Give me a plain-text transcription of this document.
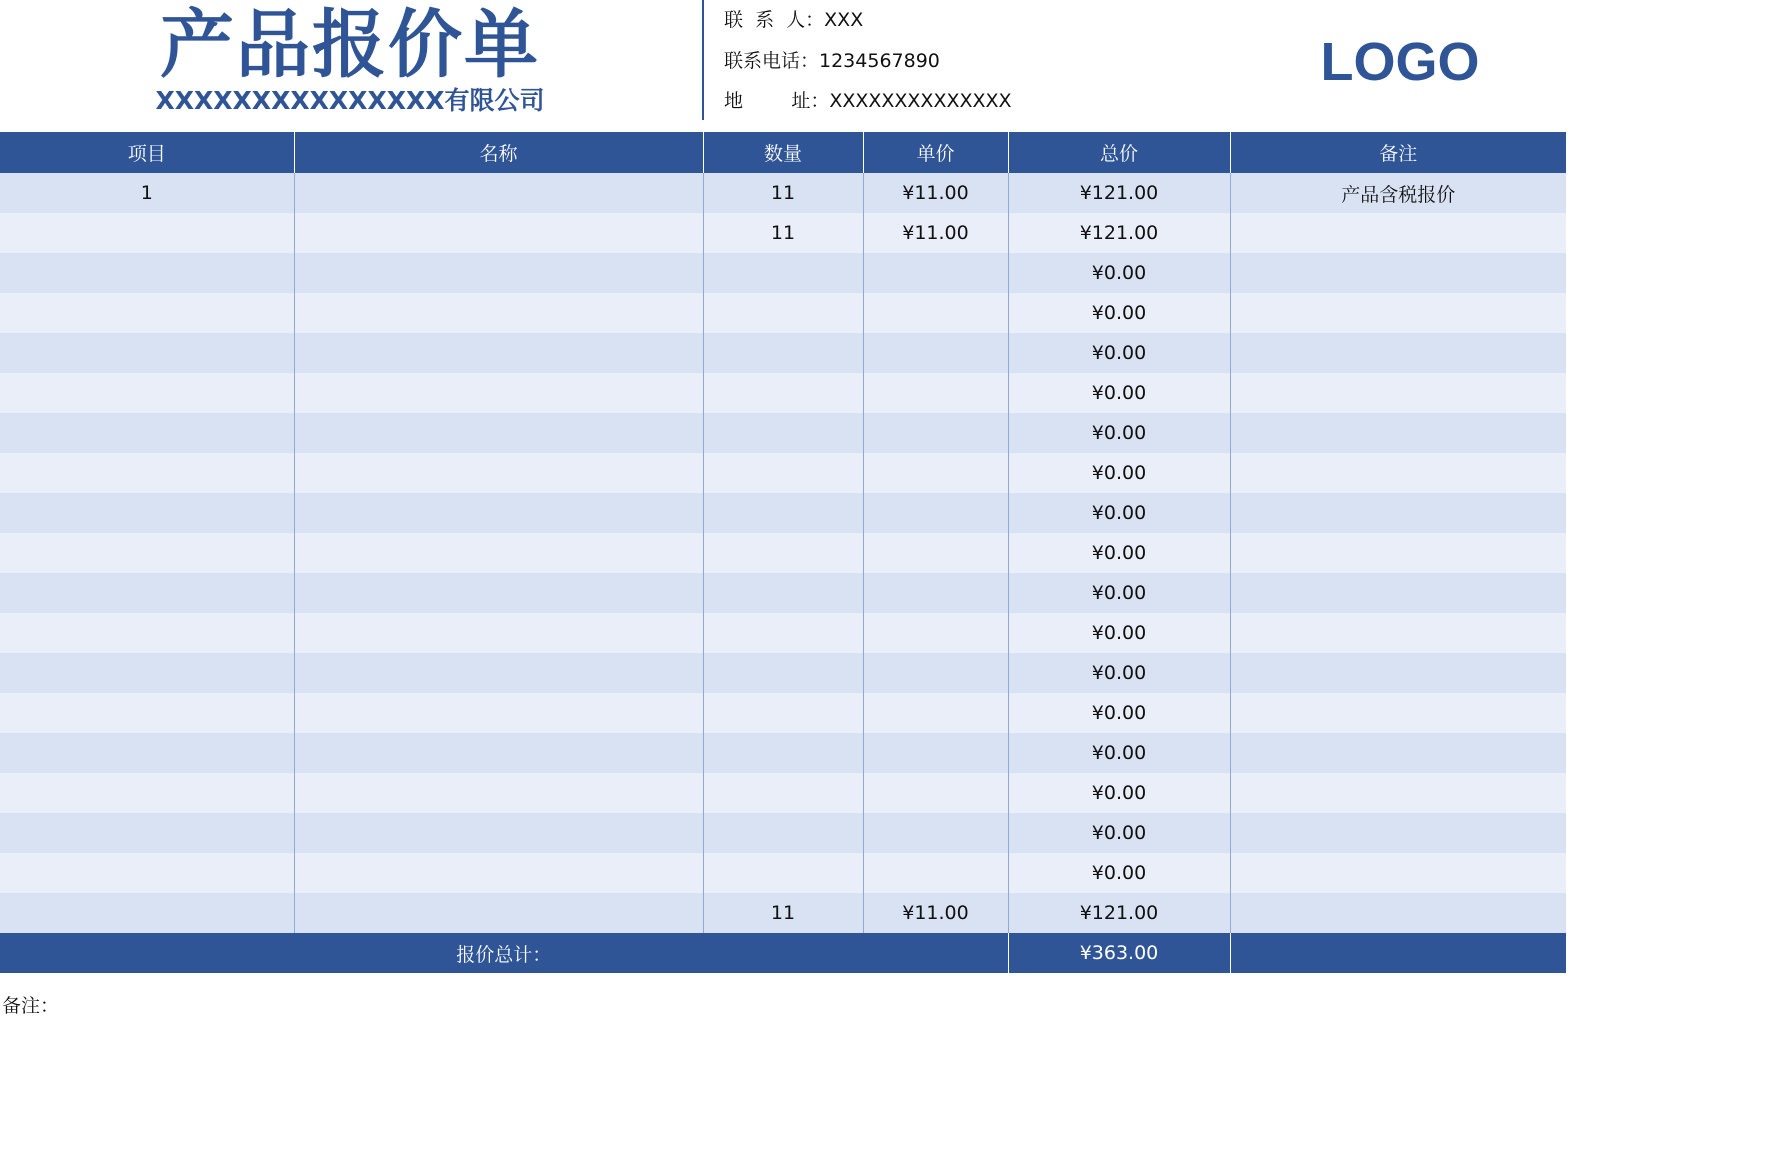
产品报价单
XXXXXXXXXXXXXXX有限公司
联  系  人：XXX
联系电话：1234567890
地        址：XXXXXXXXXXXXXX
LOGO
项目	名称	数量	单价	总价	备注
1		11	¥11.00	¥121.00	产品含税报价
		11	¥11.00	¥121.00	
				¥0.00	
				¥0.00	
				¥0.00	
				¥0.00	
				¥0.00	
				¥0.00	
				¥0.00	
				¥0.00	
				¥0.00	
				¥0.00	
				¥0.00	
				¥0.00	
				¥0.00	
				¥0.00	
				¥0.00	
				¥0.00	
		11	¥11.00	¥121.00	
报价总计：				¥363.00	
备注：
